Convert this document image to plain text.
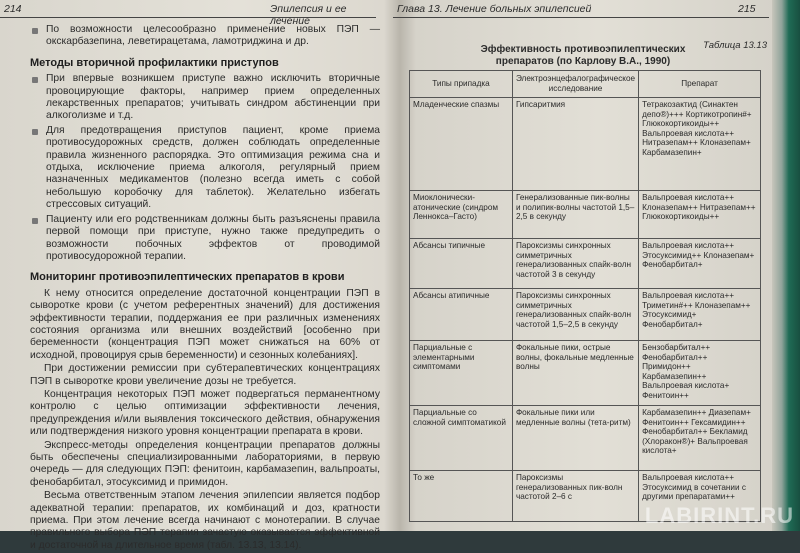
214	Эпилепсия и ее лечение
По возможности целесообразно применение новых ПЭП — окскарбазепина, леветирацетама, ламотриджина и др.
Методы вторичной профилактики приступов
При впервые возникшем приступе важно исключить вторичные провоцирующие факторы, например прием определенных лекарственных препаратов; учитывать синдром абстиненции при алкоголизме и т.д.
Для предотвращения приступов пациент, кроме приема противосудорожных средств, должен соблюдать определенные правила жизненного распорядка. Это оптимизация режима сна и отдыха, исключение приема алкоголя, регулярный прием назначенных медикаментов (полезно всегда иметь с собой небольшую коробочку для таблеток). Желательно избегать стрессовых ситуаций.
Пациенту или его родственникам должны быть разъяснены правила первой помощи при приступе, нужно также предупредить о возможности побочных эффектов от проводимой противосудорожной терапии.
Мониторинг противоэпилептических препаратов в крови

К нему относится определение достаточной концентрации ПЭП в сыворотке крови (с учетом референтных значений) для достижения эффективности терапии, поддержания ее при различных изменениях состояния организма или внешних воздействий [особенно при беременности (концентрация ПЭП может снижаться на 60% от исходной, провоцируя срыв беременности) и сезонных колебаниях].

При достижении ремиссии при субтерапевтических концентрациях ПЭП в сыворотке крови увеличение дозы не требуется.

Концентрация некоторых ПЭП может подвергаться перманентному контролю с целью оптимизации эффективности лечения, предупреждения и/или выявления токсического действия, обнаружения или подтверждения низкого уровня концентрации препарата в крови.

Экспресс-методы определения концентрации препаратов должны быть обеспечены специализированными лабораториями, в первую очередь — для следующих ПЭП: фенитоин, карбамазепин, вальпроаты, фенобарбитал, этосуксимид и примидон.

Весьма ответственным этапом лечения эпилепсии является подбор адекватной терапии: препаратов, их комбинаций и доз, кратности приема. При этом лечение всегда начинают с монотерапии. В случае правильного выбора ПЭП терапия зачастую оказывается эффективной и достаточной на длительное время (табл. 13.13, 13.14).

Глава 13. Лечение больных эпилепсией	215
Таблица 13.13
Эффективность противоэпилептических препаратов (по Карлову В.А., 1990)
Типы припадка	Электроэнцефалографическое исследование	Препарат
Младенческие спазмы	Гипсаритмия	Тетракозактид (Синактен депо®)+++ Кортикотропин#+ Глюкокортикоиды++ Вальпроевая кислота++ Нитразепам++ Клоназепам+ Карбамазепин+
Миоклонически-атонические (синдром Леннокса–Гасто)	Генерализованные пик-волны и полипик-волны частотой 1,5–2,5 в секунду	Вальпроевая кислота++ Клоназепам++ Нитразепам++ Глюкокортикоиды++
Абсансы типичные	Пароксизмы синхронных симметричных генерализованных спайк-волн частотой 3 в секунду	Вальпроевая кислота++ Этосуксимид++ Клоназепам+ Фенобарбитал+
Абсансы атипичные	Пароксизмы синхронных симметричных генерализованных спайк-волн частотой 1,5–2,5 в секунду	Вальпроевая кислота++ Триметин#++ Клоназепам++ Этосуксимид+ Фенобарбитал+
Парциальные с элементарными симптомами	Фокальные пики, острые волны, фокальные медленные волны	Бензобарбитал++ Фенобарбитал++ Примидон++ Карбамазепин++ Вальпроевая кислота+ Фенитоин++
Парциальные со сложной симптоматикой	Фокальные пики или медленные волны (тета-ритм)	Карбамазепин++ Диазепам+ Фенитоин++ Гексамидин++ Фенобарбитал++ Бекламид (Хлоракон®)+ Вальпроевая кислота+
То же	Пароксизмы генерализованных пик-волн частотой 2–6 с	Вальпроевая кислота++ Этосуксимид в сочетании с другими препаратами++
LABIRINT.RU
